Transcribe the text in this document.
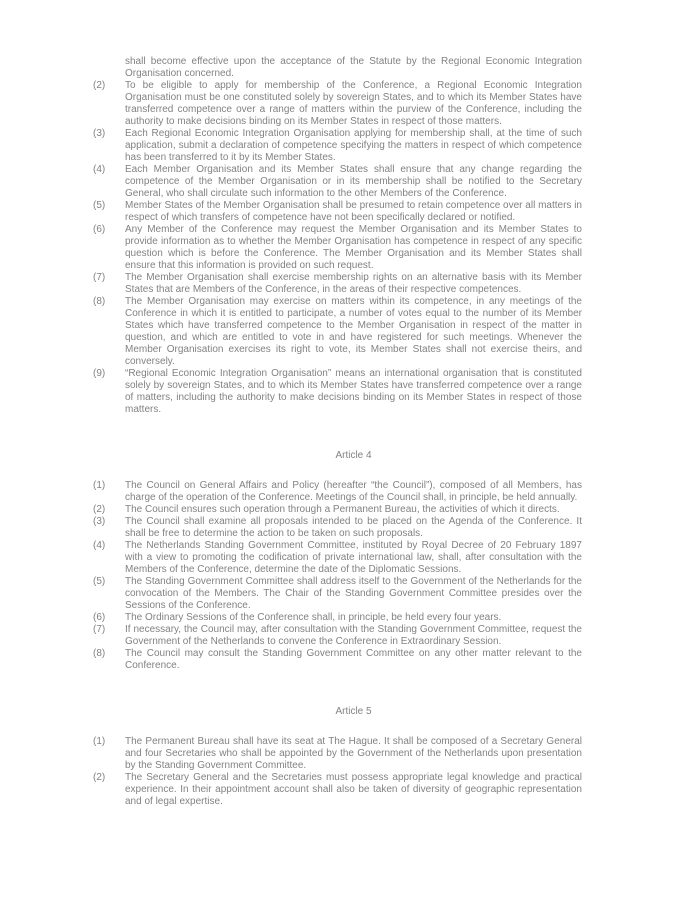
shall become effective upon the acceptance of the Statute by the Regional Economic Integration Organisation concerned.
(2)	To be eligible to apply for membership of the Conference, a Regional Economic Integration Organisation must be one constituted solely by sovereign States, and to which its Member States have transferred competence over a range of matters within the purview of the Conference, including the authority to make decisions binding on its Member States in respect of those matters.
(3)	Each Regional Economic Integration Organisation applying for membership shall, at the time of such application, submit a declaration of competence specifying the matters in respect of which competence has been transferred to it by its Member States.
(4)	Each Member Organisation and its Member States shall ensure that any change regarding the competence of the Member Organisation or in its membership shall be notified to the Secretary General, who shall circulate such information to the other Members of the Conference.
(5)	Member States of the Member Organisation shall be presumed to retain competence over all matters in respect of which transfers of competence have not been specifically declared or notified.
(6)	Any Member of the Conference may request the Member Organisation and its Member States to provide information as to whether the Member Organisation has competence in respect of any specific question which is before the Conference. The Member Organisation and its Member States shall ensure that this information is provided on such request.
(7)	The Member Organisation shall exercise membership rights on an alternative basis with its Member States that are Members of the Conference, in the areas of their respective competences.
(8)	The Member Organisation may exercise on matters within its competence, in any meetings of the Conference in which it is entitled to participate, a number of votes equal to the number of its Member States which have transferred competence to the Member Organisation in respect of the matter in question, and which are entitled to vote in and have registered for such meetings. Whenever the Member Organisation exercises its right to vote, its Member States shall not exercise theirs, and conversely.
(9)	“Regional Economic Integration Organisation” means an international organisation that is constituted solely by sovereign States, and to which its Member States have transferred competence over a range of matters, including the authority to make decisions binding on its Member States in respect of those matters.
Article 4
(1)	The Council on General Affairs and Policy (hereafter “the Council”), composed of all Members, has charge of the operation of the Conference. Meetings of the Council shall, in principle, be held annually.
(2)	The Council ensures such operation through a Permanent Bureau, the activities of which it directs.
(3)	The Council shall examine all proposals intended to be placed on the Agenda of the Conference. It shall be free to determine the action to be taken on such proposals.
(4)	The Netherlands Standing Government Committee, instituted by Royal Decree of 20 February 1897 with a view to promoting the codification of private international law, shall, after consultation with the Members of the Conference, determine the date of the Diplomatic Sessions.
(5)	The Standing Government Committee shall address itself to the Government of the Netherlands for the convocation of the Members. The Chair of the Standing Government Committee presides over the Sessions of the Conference.
(6)	The Ordinary Sessions of the Conference shall, in principle, be held every four years.
(7)	If necessary, the Council may, after consultation with the Standing Government Committee, request the Government of the Netherlands to convene the Conference in Extraordinary Session.
(8)	The Council may consult the Standing Government Committee on any other matter relevant to the Conference.
Article 5
(1)	The Permanent Bureau shall have its seat at The Hague. It shall be composed of a Secretary General and four Secretaries who shall be appointed by the Government of the Netherlands upon presentation by the Standing Government Committee.
(2)	The Secretary General and the Secretaries must possess appropriate legal knowledge and practical experience. In their appointment account shall also be taken of diversity of geographic representation and of legal expertise.
